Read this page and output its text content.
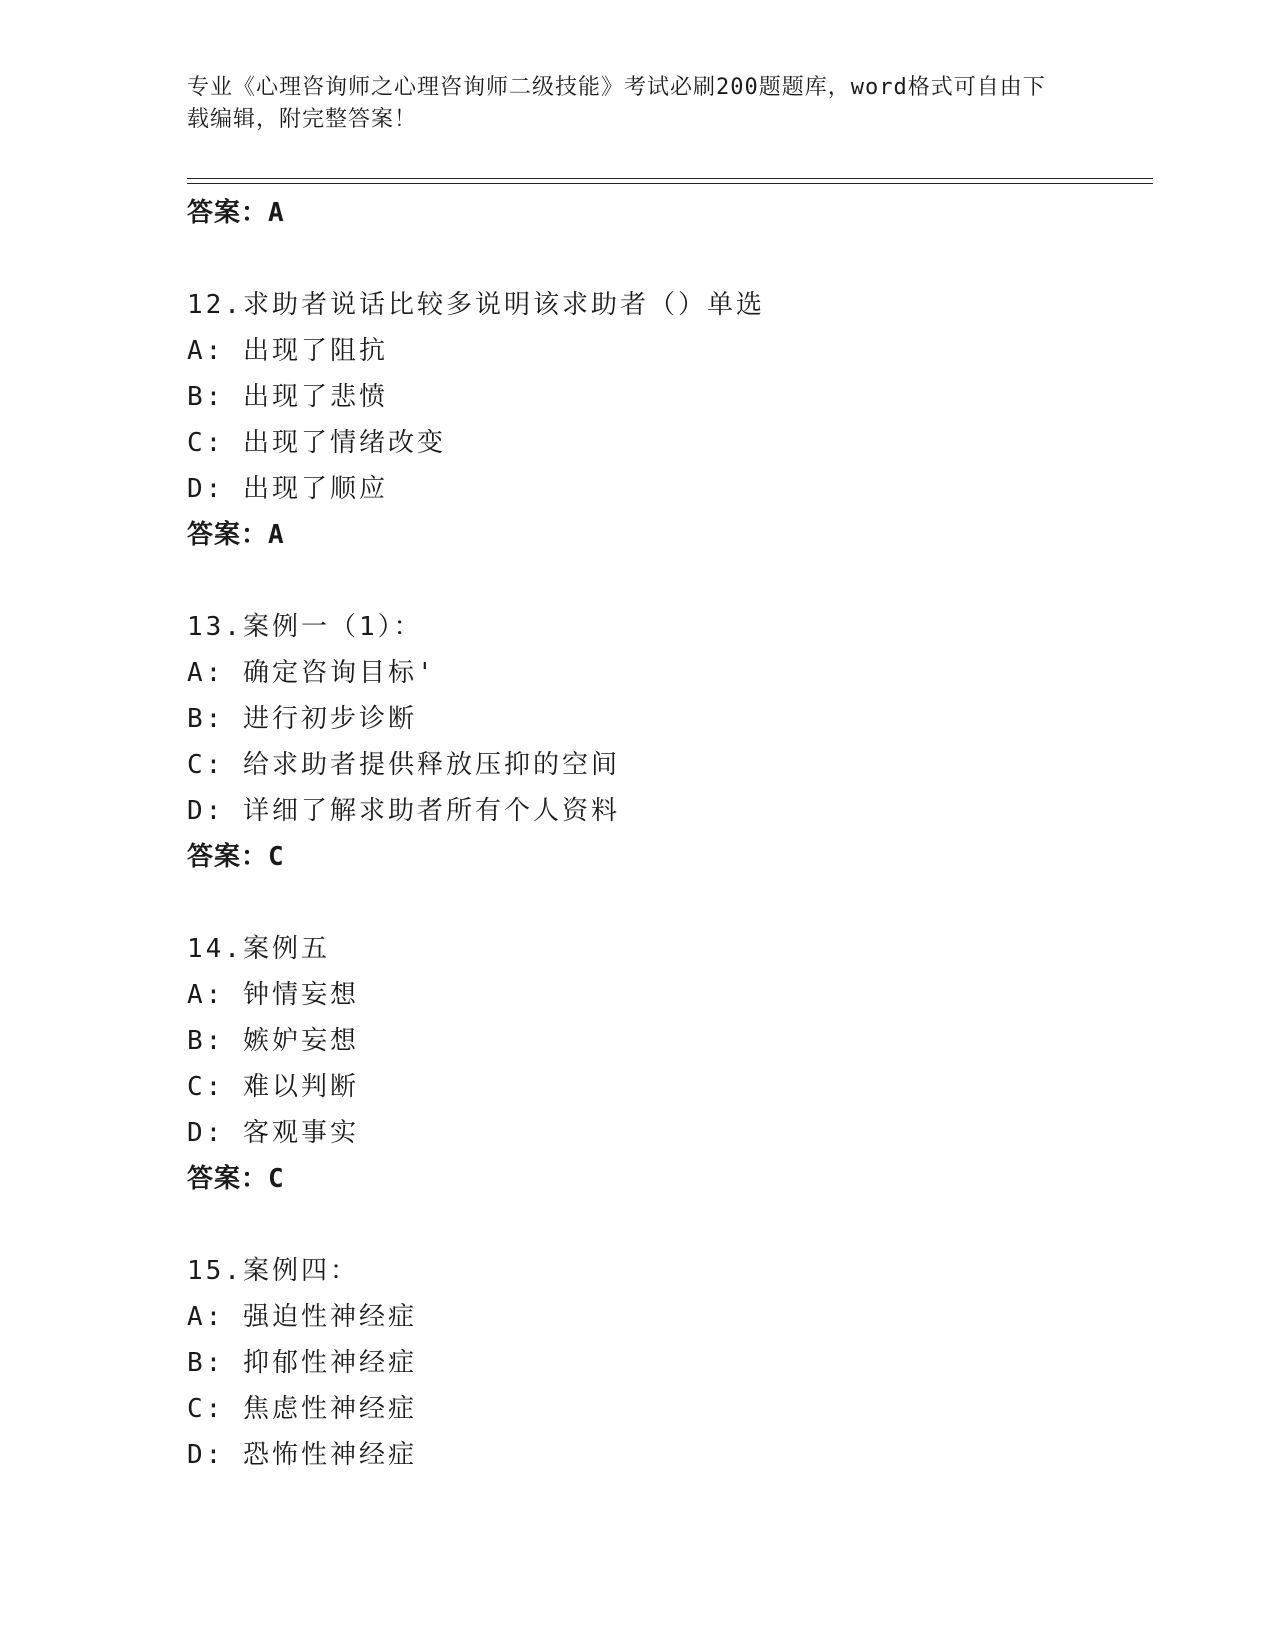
专业《心理咨询师之心理咨询师二级技能》考试必刷200题题库，word格式可自由下载编辑，附完整答案！
答案：A
12.求助者说话比较多说明该求助者（）单选
A: 出现了阻抗
B: 出现了悲愤
C: 出现了情绪改变
D: 出现了顺应
答案：A
13.案例一（1）：
A: 确定咨询目标'
B: 进行初步诊断
C: 给求助者提供释放压抑的空间
D: 详细了解求助者所有个人资料
答案：C
14.案例五
A: 钟情妄想
B: 嫉妒妄想
C: 难以判断
D: 客观事实
答案：C
15.案例四：
A: 强迫性神经症
B: 抑郁性神经症
C: 焦虑性神经症
D: 恐怖性神经症
